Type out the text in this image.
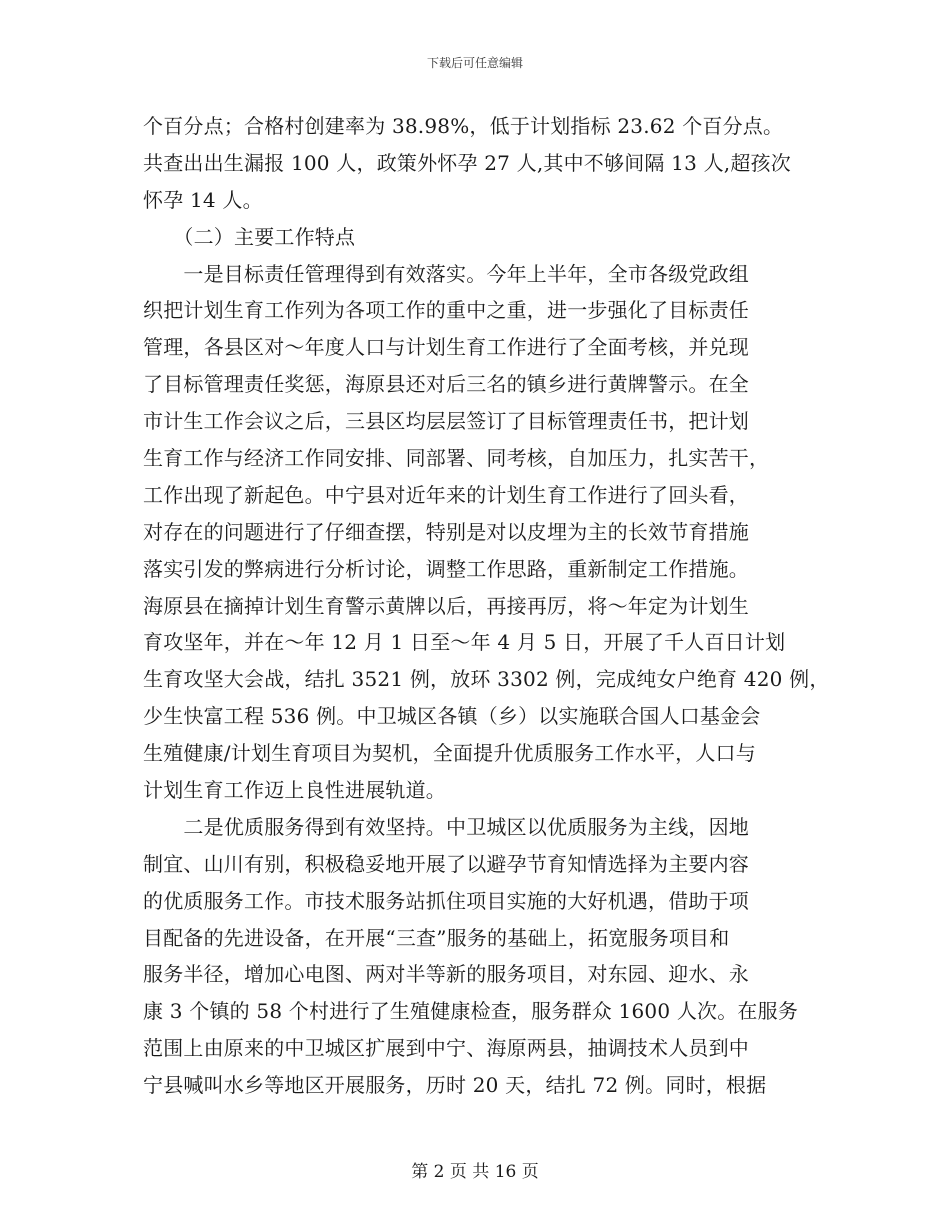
下载后可任意编辑
个百分点；合格村创建率为 38.98%，低于计划指标 23.62 个百分点。
共查出出生漏报 100 人，政策外怀孕 27 人,其中不够间隔 13 人,超孩次
怀孕 14 人。
　　（二）主要工作特点
　　一是目标责任管理得到有效落实。今年上半年，全市各级党政组
织把计划生育工作列为各项工作的重中之重，进一步强化了目标责任
管理，各县区对～年度人口与计划生育工作进行了全面考核，并兑现
了目标管理责任奖惩，海原县还对后三名的镇乡进行黄牌警示。在全
市计生工作会议之后，三县区均层层签订了目标管理责任书，把计划
生育工作与经济工作同安排、同部署、同考核，自加压力，扎实苦干，
工作出现了新起色。中宁县对近年来的计划生育工作进行了回头看，
对存在的问题进行了仔细查摆，特别是对以皮埋为主的长效节育措施
落实引发的弊病进行分析讨论，调整工作思路，重新制定工作措施。
海原县在摘掉计划生育警示黄牌以后，再接再厉，将～年定为计划生
育攻坚年，并在～年 12 月 1 日至～年 4 月 5 日，开展了千人百日计划
生育攻坚大会战，结扎 3521 例，放环 3302 例，完成纯女户绝育 420 例，
少生快富工程 536 例。中卫城区各镇（乡）以实施联合国人口基金会
生殖健康/计划生育项目为契机，全面提升优质服务工作水平，人口与
计划生育工作迈上良性进展轨道。
　　二是优质服务得到有效坚持。中卫城区以优质服务为主线，因地
制宜、山川有别，积极稳妥地开展了以避孕节育知情选择为主要内容
的优质服务工作。市技术服务站抓住项目实施的大好机遇，借助于项
目配备的先进设备，在开展“三查”服务的基础上，拓宽服务项目和
服务半径，增加心电图、两对半等新的服务项目，对东园、迎水、永
康 3 个镇的 58 个村进行了生殖健康检查，服务群众 1600 人次。在服务
范围上由原来的中卫城区扩展到中宁、海原两县，抽调技术人员到中
宁县喊叫水乡等地区开展服务，历时 20 天，结扎 72 例。同时，根据
第 2 页 共 16 页
